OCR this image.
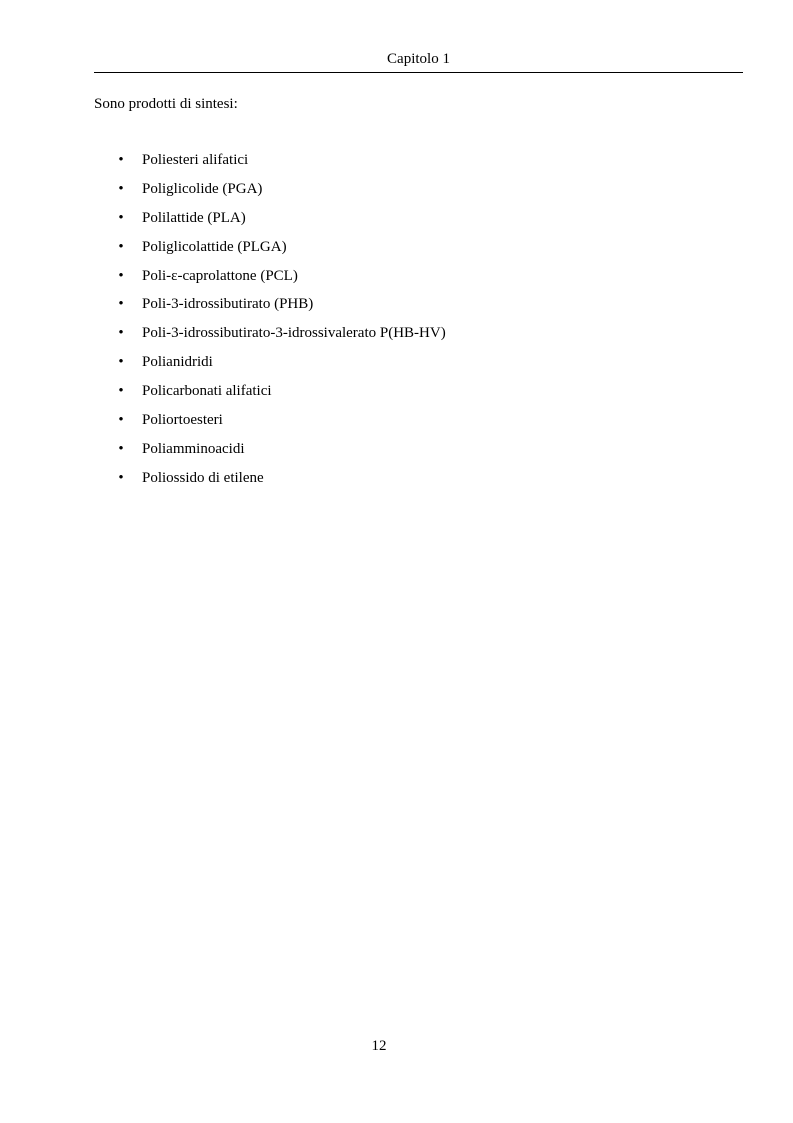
Capitolo 1

Sono prodotti di sintesi:

• Poliesteri alifatici
• Poliglicolide (PGA)
• Polilattide (PLA)
• Poliglicolattide (PLGA)
• Poli-ε-caprolattone (PCL)
• Poli-3-idrossibutirato (PHB)
• Poli-3-idrossibutirato-3-idrossivalerato P(HB-HV)
• Polianidridi
• Policarbonati alifatici
• Poliortoesteri
• Poliamminoacidi
• Poliossido di etilene
12
